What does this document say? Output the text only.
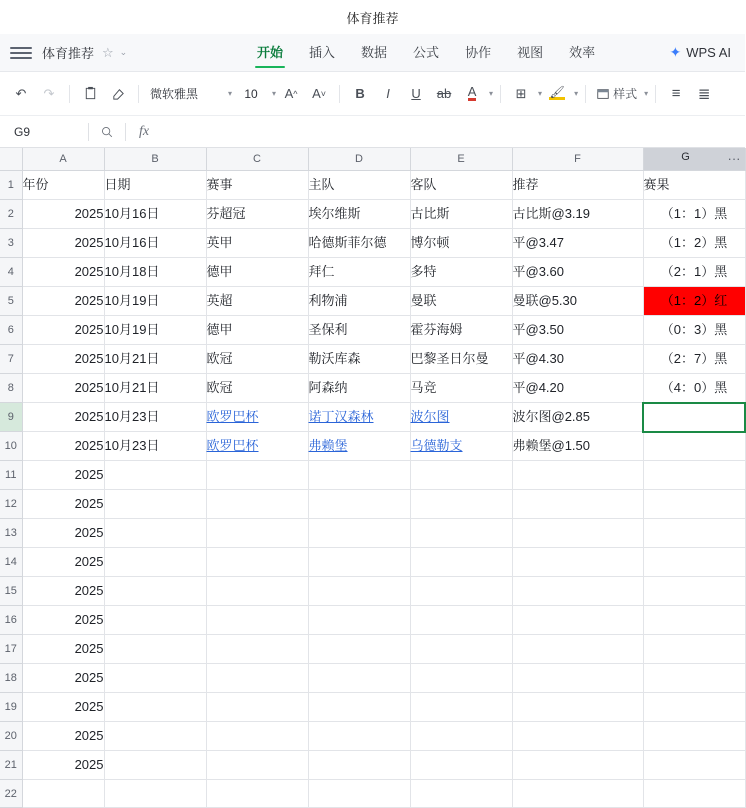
体育推荐
体育推荐 ☆ ⌄	开始 插入 数据 公式 协作 视图 效率	✦ WPS AI
↶	↷	微软雅黑	▾ 10 ▾ A ^ A ˅ B I U ab A ▾ ⊞ ▾ 🖌 ▾	样式 ▾ ≡ ≣
G9	fx
	A	B	C	D	E	F	G ···

1	年份	日期	赛事	主队	客队	推荐	赛果
2	2025	10月16日	芬超冠	埃尔维斯	古比斯	古比斯@3.19	（1：1）黑
3	2025	10月16日	英甲	哈德斯菲尔德	博尔顿	平@3.47	（1：2）黑
4	2025	10月18日	德甲	拜仁	多特	平@3.60	（2：1）黑
5	2025	10月19日	英超	利物浦	曼联	曼联@5.30	（1：2）红
6	2025	10月19日	德甲	圣保利	霍芬海姆	平@3.50	（0：3）黑
7	2025	10月21日	欧冠	勒沃库森	巴黎圣日尔曼	平@4.30	（2：7）黑
8	2025	10月21日	欧冠	阿森纳	马竞	平@4.20	（4：0）黑
9	2025	10月23日	欧罗巴杯	诺丁汉森林	波尔图	波尔图@2.85	
10	2025	10月23日	欧罗巴杯	弗赖堡	乌德勒支	弗赖堡@1.50	
11	2025						
12	2025						
13	2025						
14	2025						
15	2025						
16	2025						
17	2025						
18	2025						
19	2025						
20	2025						
21	2025						
22							
